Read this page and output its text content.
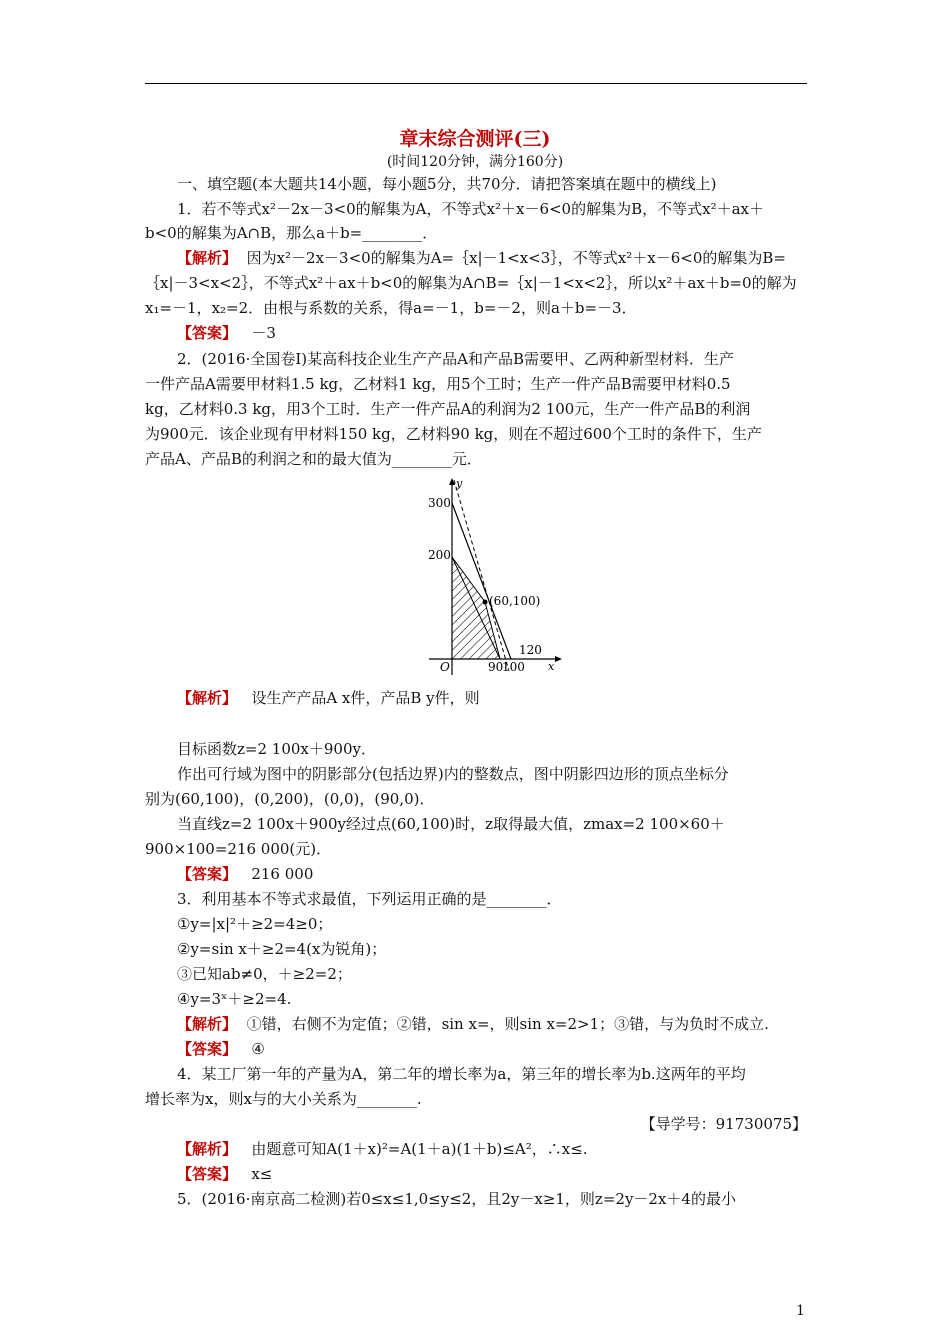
章末综合测评(三)
(时间120分钟，满分160分)
一、填空题(本大题共14小题，每小题5分，共70分．请把答案填在题中的横线上)
1．若不等式x²－2x－3<0的解集为A，不等式x²＋x－6<0的解集为B，不等式x²＋ax＋
b<0的解集为A∩B，那么a＋b=________．
【解析】 因为x²－2x－3<0的解集为A=｛x|－1<x<3｝，不等式x²＋x－6<0的解集为B=
｛x|－3<x<2｝，不等式x²＋ax＋b<0的解集为A∩B=｛x|－1<x<2｝，所以x²＋ax＋b=0的解为
x₁=－1，x₂=2．由根与系数的关系，得a=－1，b=－2，则a＋b=－3．
【答案】 －3
2．(2016·全国卷Ⅰ)某高科技企业生产产品A和产品B需要甲、乙两种新型材料．生产
一件产品A需要甲材料1.5 kg，乙材料1 kg，用5个工时；生产一件产品B需要甲材料0.5
kg，乙材料0.3 kg，用3个工时．生产一件产品A的利润为2 100元，生产一件产品B的利润
为900元．该企业现有甲材料150 kg，乙材料90 kg，则在不超过600个工时的条件下，生产
产品A、产品B的利润之和的最大值为________元．
y
300
200
(60,100)
120
O	90
100 x
【解析】 设生产产品A x件，产品B y件，则
目标函数z=2 100x＋900y．
作出可行域为图中的阴影部分(包括边界)内的整数点，图中阴影四边形的顶点坐标分
别为(60,100)，(0,200)，(0,0)，(90,0)．
当直线z=2 100x＋900y经过点(60,100)时，z取得最大值，zmax=2 100×60＋
900×100=216 000(元)．
【答案】 216 000
3．利用基本不等式求最值，下列运用正确的是________．
①y=|x|²＋≥2=4≥0；
②y=sin x＋≥2=4(x为锐角)；
③已知ab≠0，＋≥2=2；
④y=3ˣ＋≥2=4.
【解析】 ①错，右侧不为定值；②错，sin x=，则sin x=2>1；③错，与为负时不成立.
【答案】 ④
4．某工厂第一年的产量为A，第二年的增长率为a，第三年的增长率为b.这两年的平均
增长率为x，则x与的大小关系为________.
【导学号：91730075】
【解析】 由题意可知A(1＋x)²=A(1＋a)(1＋b)≤A²，∴x≤.
【答案】 x≤
5．(2016·南京高二检测)若0≤x≤1,0≤y≤2，且2y－x≥1，则z=2y－2x＋4的最小
1
